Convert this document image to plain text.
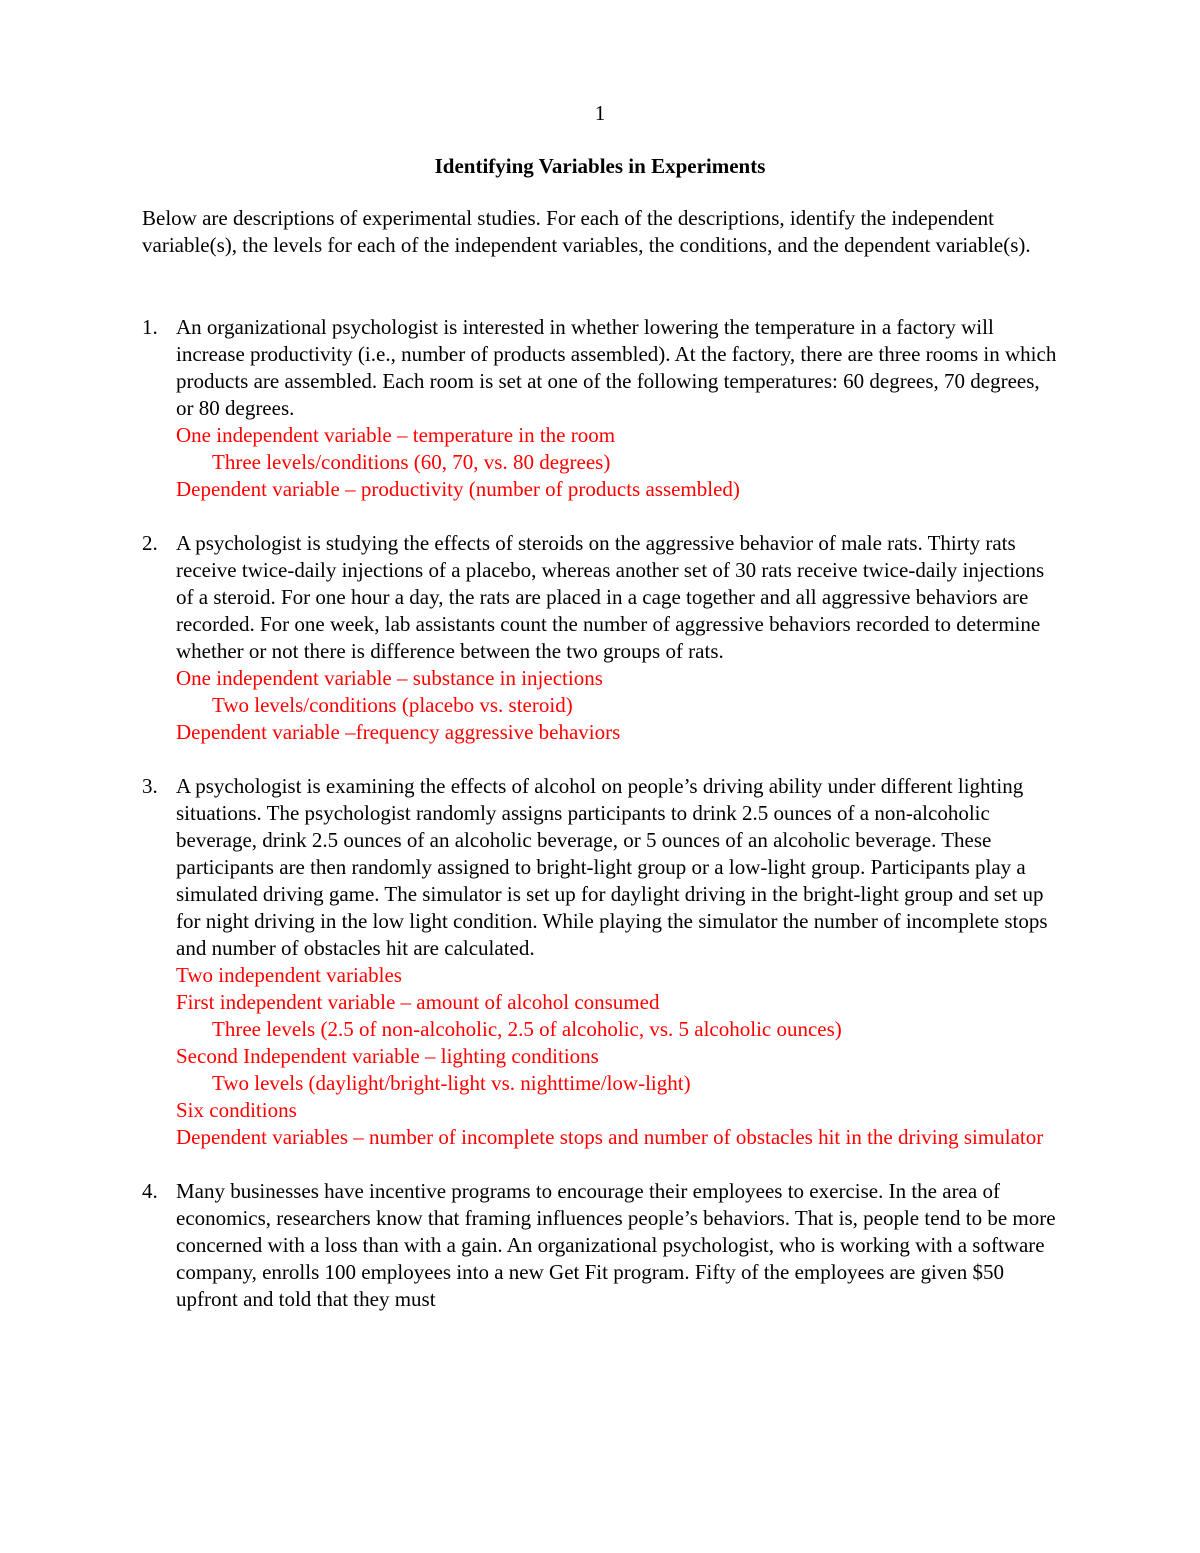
1
Identifying Variables in Experiments

Below are descriptions of experimental studies. For each of the descriptions, identify the independent variable(s), the levels for each of the independent variables, the conditions, and the dependent variable(s).

1. An organizational psychologist is interested in whether lowering the temperature in a factory will increase productivity (i.e., number of products assembled). At the factory, there are three rooms in which products are assembled. Each room is set at one of the following temperatures: 60 degrees, 70 degrees, or 80 degrees.
One independent variable – temperature in the room
Three levels/conditions (60, 70, vs. 80 degrees)
Dependent variable – productivity (number of products assembled)
2. A psychologist is studying the effects of steroids on the aggressive behavior of male rats. Thirty rats receive twice-daily injections of a placebo, whereas another set of 30 rats receive twice-daily injections of a steroid. For one hour a day, the rats are placed in a cage together and all aggressive behaviors are recorded. For one week, lab assistants count the number of aggressive behaviors recorded to determine whether or not there is difference between the two groups of rats.
One independent variable – substance in injections
Two levels/conditions (placebo vs. steroid)
Dependent variable –frequency aggressive behaviors
3. A psychologist is examining the effects of alcohol on people’s driving ability under different lighting situations. The psychologist randomly assigns participants to drink 2.5 ounces of a non-alcoholic beverage, drink 2.5 ounces of an alcoholic beverage, or 5 ounces of an alcoholic beverage. These participants are then randomly assigned to bright-light group or a low-light group. Participants play a simulated driving game. The simulator is set up for daylight driving in the bright-light group and set up for night driving in the low light condition. While playing the simulator the number of incomplete stops and number of obstacles hit are calculated.
Two independent variables
First independent variable – amount of alcohol consumed
Three levels (2.5 of non-alcoholic, 2.5 of alcoholic, vs. 5 alcoholic ounces)
Second Independent variable – lighting conditions
Two levels (daylight/bright-light vs. nighttime/low-light)
Six conditions
Dependent variables – number of incomplete stops and number of obstacles hit in the driving simulator
4. Many businesses have incentive programs to encourage their employees to exercise. In the area of economics, researchers know that framing influences people’s behaviors. That is, people tend to be more concerned with a loss than with a gain. An organizational psychologist, who is working with a software company, enrolls 100 employees into a new Get Fit program. Fifty of the employees are given $50 upfront and told that they must
